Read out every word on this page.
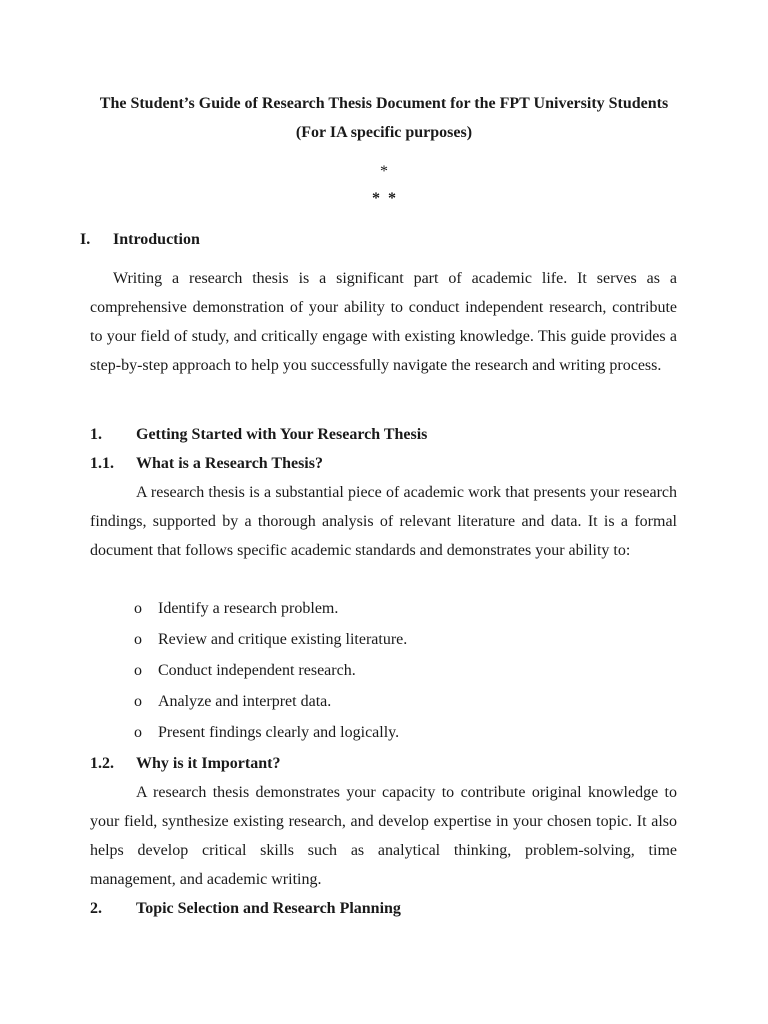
The Student’s Guide of Research Thesis Document for the FPT University Students
(For IA specific purposes)
*
* *
I. Introduction

Writing a research thesis is a significant part of academic life. It serves as a comprehensive demonstration of your ability to conduct independent research, contribute to your field of study, and critically engage with existing knowledge. This guide provides a step-by-step approach to help you successfully navigate the research and writing process.

1. Getting Started with Your Research Thesis
1.1. What is a Research Thesis?

A research thesis is a substantial piece of academic work that presents your research findings, supported by a thorough analysis of relevant literature and data. It is a formal document that follows specific academic standards and demonstrates your ability to:

o Identify a research problem.
o Review and critique existing literature.
o Conduct independent research.
o Analyze and interpret data.
o Present findings clearly and logically.
1.2. Why is it Important?

A research thesis demonstrates your capacity to contribute original knowledge to your field, synthesize existing research, and develop expertise in your chosen topic. It also helps develop critical skills such as analytical thinking, problem-solving, time management, and academic writing.

2. Topic Selection and Research Planning
